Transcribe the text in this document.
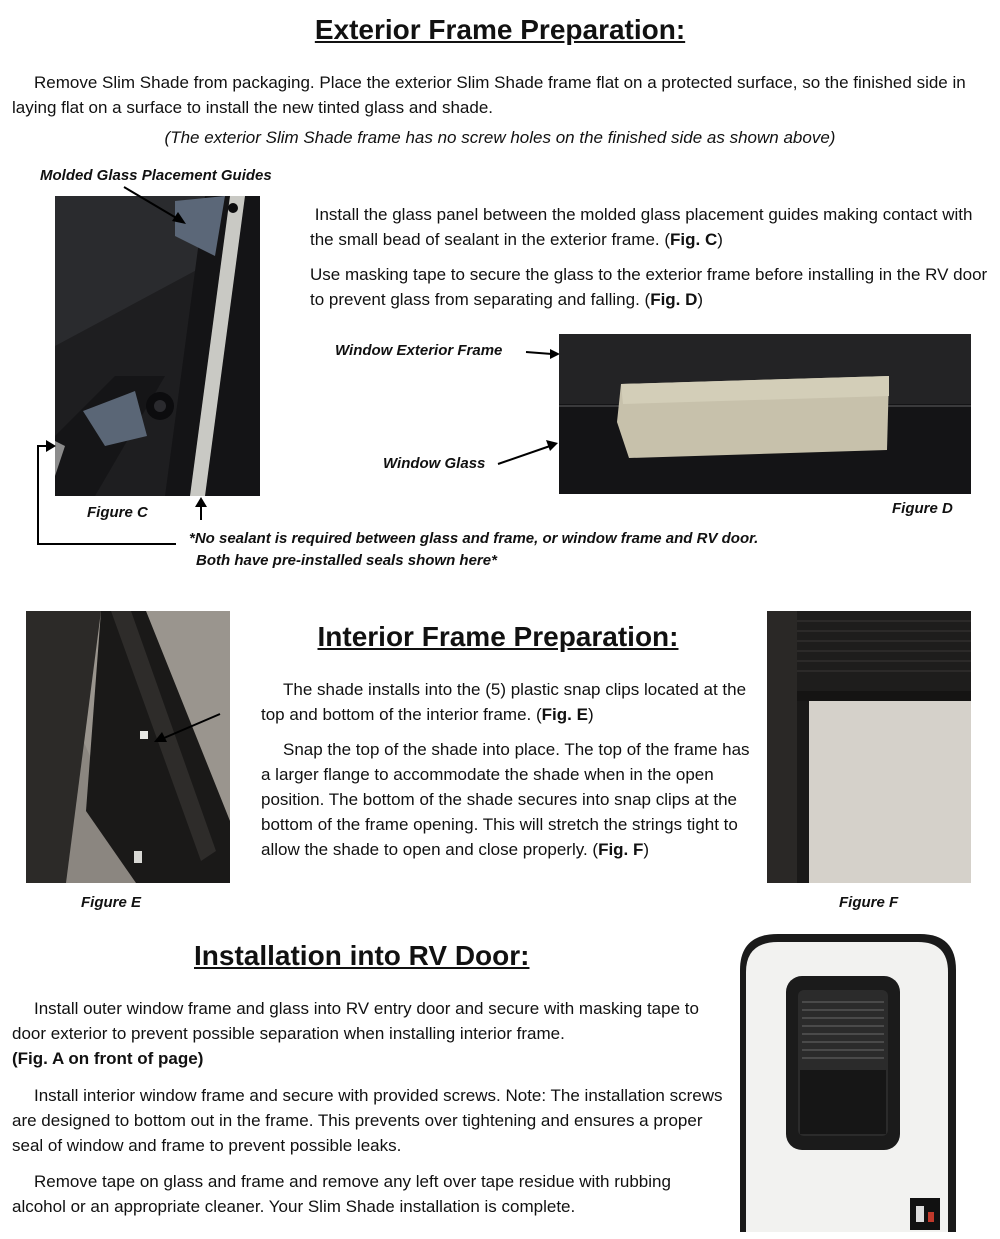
Exterior Frame Preparation:
Remove Slim Shade from packaging. Place the exterior Slim Shade frame flat on a protected surface, so the finished side in laying flat on a surface to install the new tinted glass and shade.
(The exterior Slim Shade frame has no screw holes on the finished side as shown above)
Molded Glass Placement Guides
Install the glass panel between the molded glass placement guides making contact with the small bead of sealant in the exterior frame. (Fig. C)
Use masking tape to secure the glass to the exterior frame before installing in the RV door to prevent glass from separating and falling. (Fig. D)
Window Exterior Frame
Window Glass
Figure C	Figure D
*No sealant is required between glass and frame, or window frame and RV door.
Both have pre-installed seals shown here*
Interior Frame Preparation:
The shade installs into the (5) plastic snap clips located at the top and bottom of the interior frame. (Fig. E)
Snap the top of the shade into place. The top of the frame has a larger flange to accommodate the shade when in the open position. The bottom of the shade secures into snap clips at the bottom of the frame opening. This will stretch the strings tight to allow the shade to open and close properly. (Fig. F)
Figure E	Figure F
Installation into RV Door:
Install outer window frame and glass into RV entry door and secure with masking tape to door exterior to prevent possible separation when installing interior frame.
(Fig. A on front of page)
Install interior window frame and secure with provided screws. Note: The installation screws are designed to bottom out in the frame. This prevents over tightening and ensures a proper seal of window and frame to prevent possible leaks.
Remove tape on glass and frame and remove any left over tape residue with rubbing alcohol or an appropriate cleaner. Your Slim Shade installation is complete.
